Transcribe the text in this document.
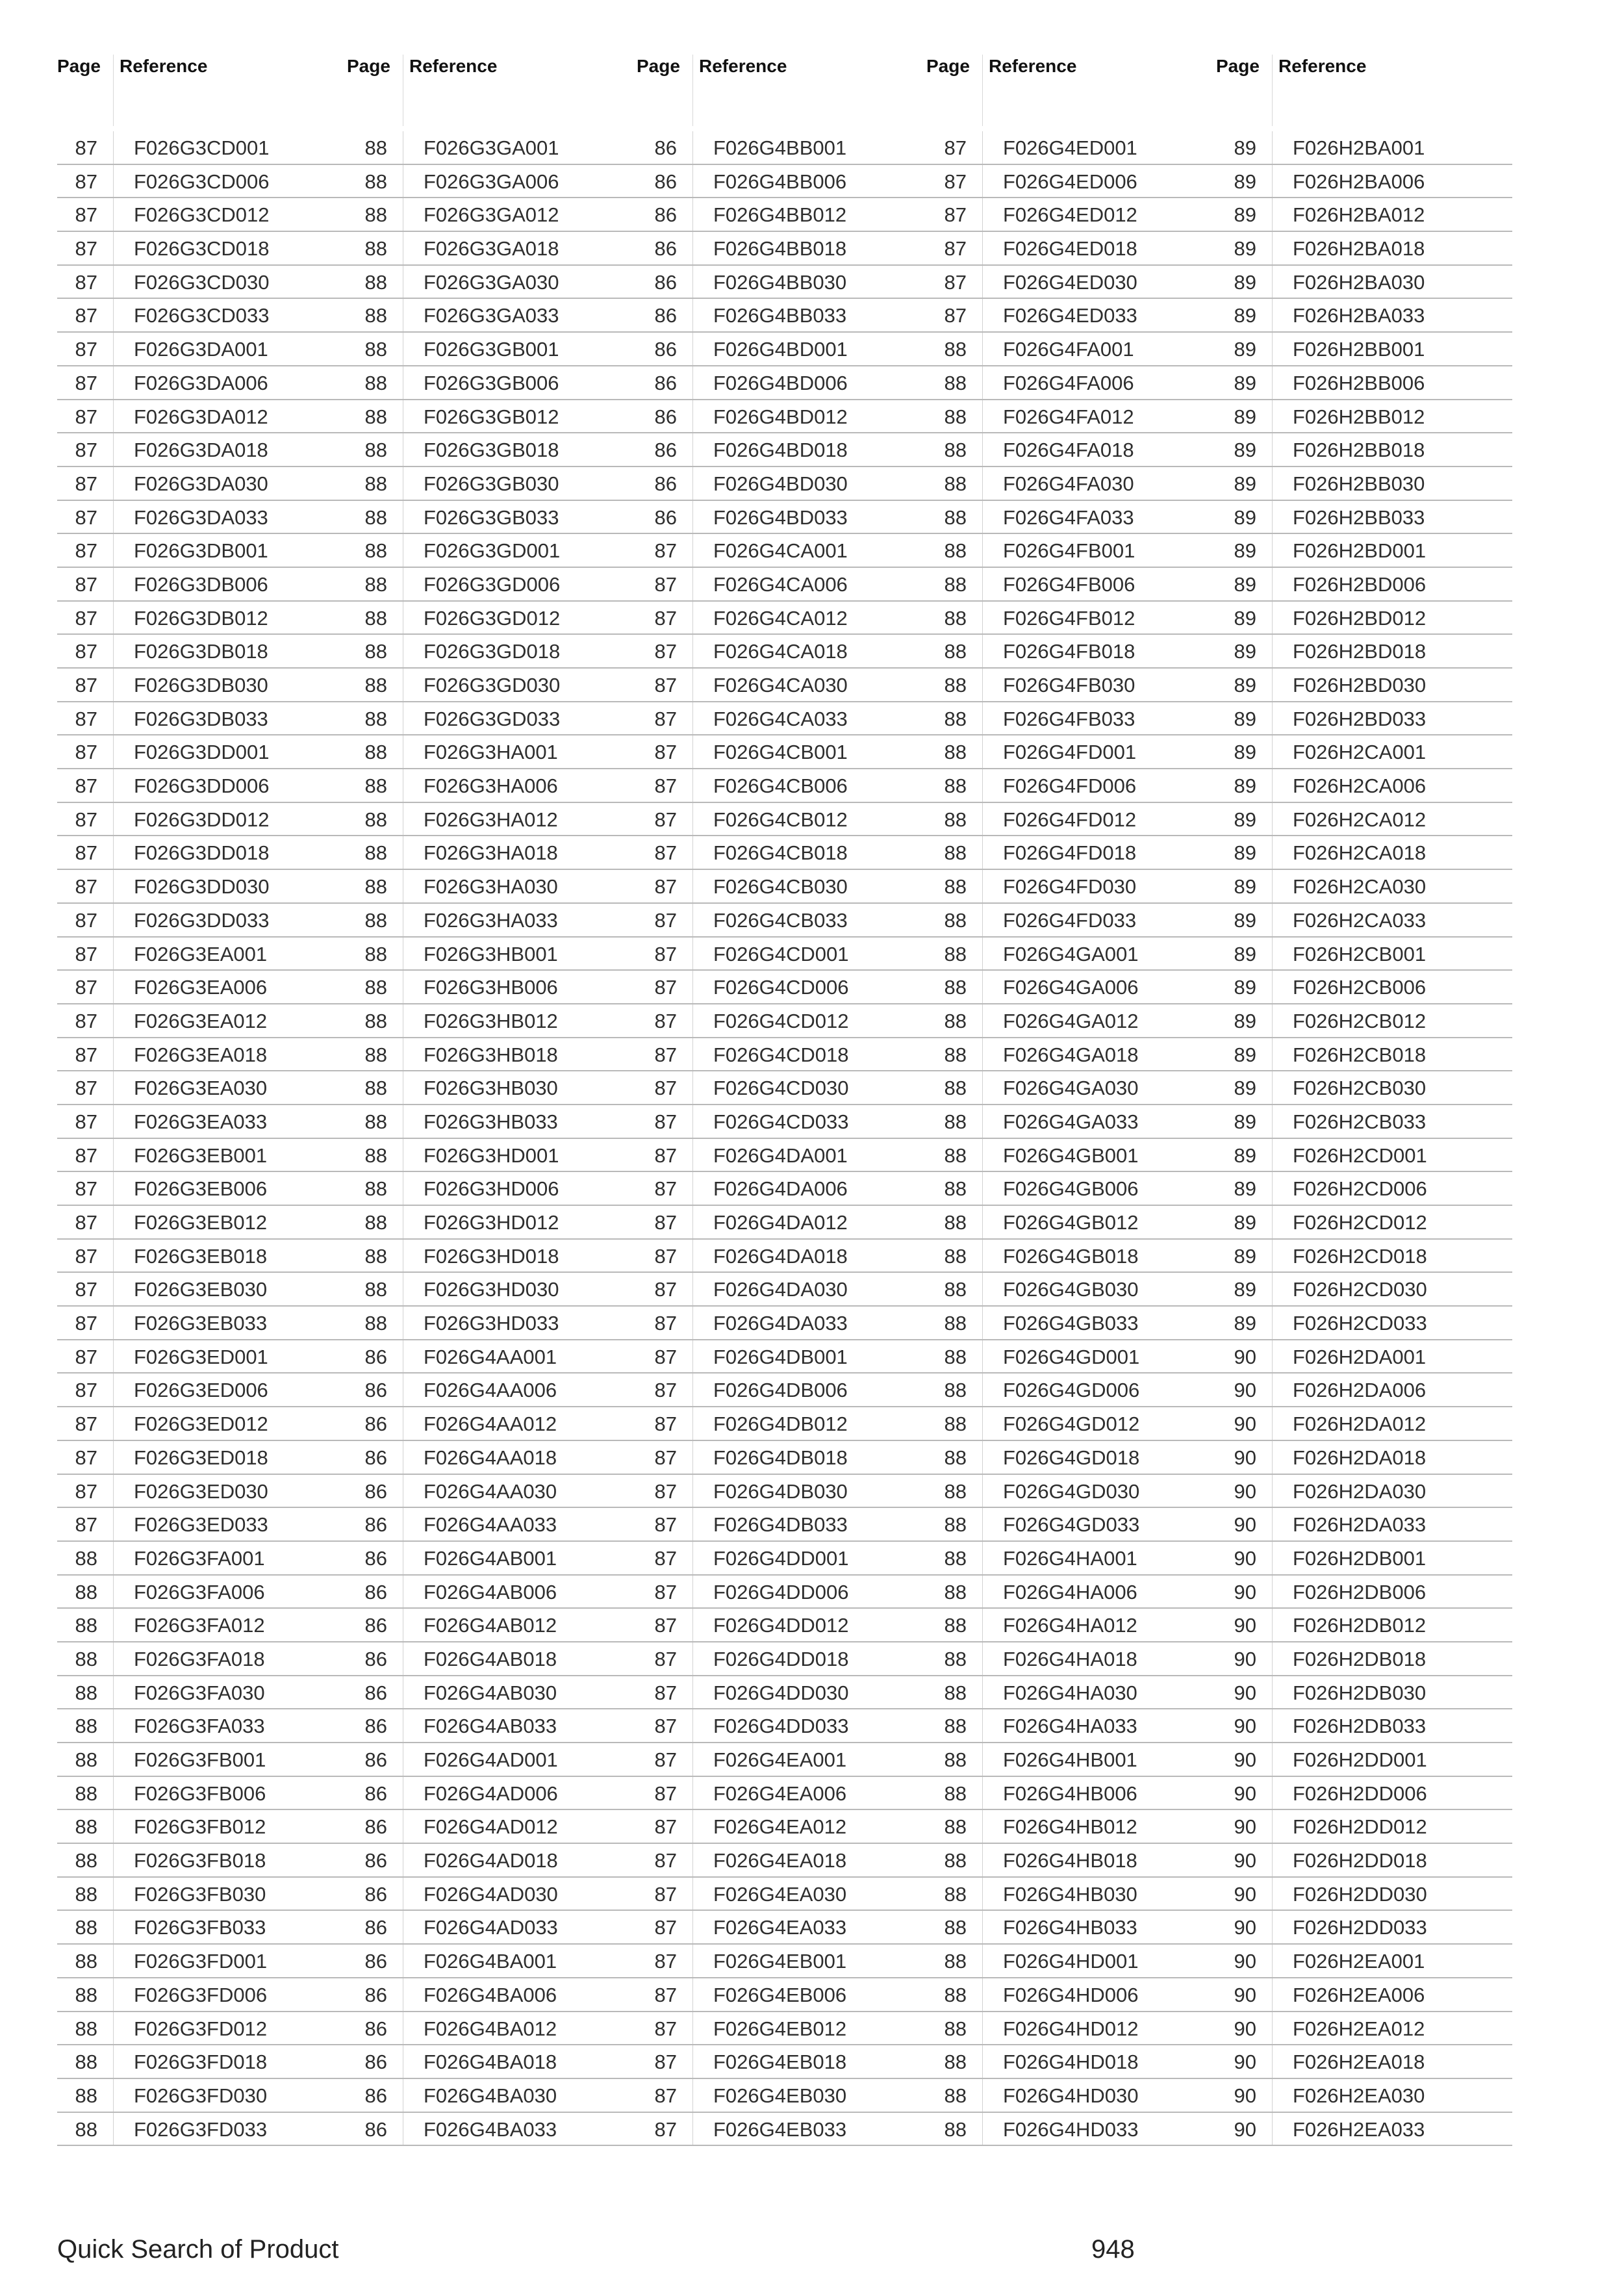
Page Reference	Page Reference	Page Reference	Page Reference	Page Reference
87 F026G3CD001	88 F026G3GA001	86 F026G4BB001	87 F026G4ED001	89 F026H2BA001
87 F026G3CD006	88 F026G3GA006	86 F026G4BB006	87 F026G4ED006	89 F026H2BA006
87 F026G3CD012	88 F026G3GA012	86 F026G4BB012	87 F026G4ED012	89 F026H2BA012
87 F026G3CD018	88 F026G3GA018	86 F026G4BB018	87 F026G4ED018	89 F026H2BA018
87 F026G3CD030	88 F026G3GA030	86 F026G4BB030	87 F026G4ED030	89 F026H2BA030
87 F026G3CD033	88 F026G3GA033	86 F026G4BB033	87 F026G4ED033	89 F026H2BA033
87 F026G3DA001	88 F026G3GB001	86 F026G4BD001	88 F026G4FA001	89 F026H2BB001
87 F026G3DA006	88 F026G3GB006	86 F026G4BD006	88 F026G4FA006	89 F026H2BB006
87 F026G3DA012	88 F026G3GB012	86 F026G4BD012	88 F026G4FA012	89 F026H2BB012
87 F026G3DA018	88 F026G3GB018	86 F026G4BD018	88 F026G4FA018	89 F026H2BB018
87 F026G3DA030	88 F026G3GB030	86 F026G4BD030	88 F026G4FA030	89 F026H2BB030
87 F026G3DA033	88 F026G3GB033	86 F026G4BD033	88 F026G4FA033	89 F026H2BB033
87 F026G3DB001	88 F026G3GD001	87 F026G4CA001	88 F026G4FB001	89 F026H2BD001
87 F026G3DB006	88 F026G3GD006	87 F026G4CA006	88 F026G4FB006	89 F026H2BD006
87 F026G3DB012	88 F026G3GD012	87 F026G4CA012	88 F026G4FB012	89 F026H2BD012
87 F026G3DB018	88 F026G3GD018	87 F026G4CA018	88 F026G4FB018	89 F026H2BD018
87 F026G3DB030	88 F026G3GD030	87 F026G4CA030	88 F026G4FB030	89 F026H2BD030
87 F026G3DB033	88 F026G3GD033	87 F026G4CA033	88 F026G4FB033	89 F026H2BD033
87 F026G3DD001	88 F026G3HA001	87 F026G4CB001	88 F026G4FD001	89 F026H2CA001
87 F026G3DD006	88 F026G3HA006	87 F026G4CB006	88 F026G4FD006	89 F026H2CA006
87 F026G3DD012	88 F026G3HA012	87 F026G4CB012	88 F026G4FD012	89 F026H2CA012
87 F026G3DD018	88 F026G3HA018	87 F026G4CB018	88 F026G4FD018	89 F026H2CA018
87 F026G3DD030	88 F026G3HA030	87 F026G4CB030	88 F026G4FD030	89 F026H2CA030
87 F026G3DD033	88 F026G3HA033	87 F026G4CB033	88 F026G4FD033	89 F026H2CA033
87 F026G3EA001	88 F026G3HB001	87 F026G4CD001	88 F026G4GA001	89 F026H2CB001
87 F026G3EA006	88 F026G3HB006	87 F026G4CD006	88 F026G4GA006	89 F026H2CB006
87 F026G3EA012	88 F026G3HB012	87 F026G4CD012	88 F026G4GA012	89 F026H2CB012
87 F026G3EA018	88 F026G3HB018	87 F026G4CD018	88 F026G4GA018	89 F026H2CB018
87 F026G3EA030	88 F026G3HB030	87 F026G4CD030	88 F026G4GA030	89 F026H2CB030
87 F026G3EA033	88 F026G3HB033	87 F026G4CD033	88 F026G4GA033	89 F026H2CB033
87 F026G3EB001	88 F026G3HD001	87 F026G4DA001	88 F026G4GB001	89 F026H2CD001
87 F026G3EB006	88 F026G3HD006	87 F026G4DA006	88 F026G4GB006	89 F026H2CD006
87 F026G3EB012	88 F026G3HD012	87 F026G4DA012	88 F026G4GB012	89 F026H2CD012
87 F026G3EB018	88 F026G3HD018	87 F026G4DA018	88 F026G4GB018	89 F026H2CD018
87 F026G3EB030	88 F026G3HD030	87 F026G4DA030	88 F026G4GB030	89 F026H2CD030
87 F026G3EB033	88 F026G3HD033	87 F026G4DA033	88 F026G4GB033	89 F026H2CD033
87 F026G3ED001	86 F026G4AA001	87 F026G4DB001	88 F026G4GD001	90 F026H2DA001
87 F026G3ED006	86 F026G4AA006	87 F026G4DB006	88 F026G4GD006	90 F026H2DA006
87 F026G3ED012	86 F026G4AA012	87 F026G4DB012	88 F026G4GD012	90 F026H2DA012
87 F026G3ED018	86 F026G4AA018	87 F026G4DB018	88 F026G4GD018	90 F026H2DA018
87 F026G3ED030	86 F026G4AA030	87 F026G4DB030	88 F026G4GD030	90 F026H2DA030
87 F026G3ED033	86 F026G4AA033	87 F026G4DB033	88 F026G4GD033	90 F026H2DA033
88 F026G3FA001	86 F026G4AB001	87 F026G4DD001	88 F026G4HA001	90 F026H2DB001
88 F026G3FA006	86 F026G4AB006	87 F026G4DD006	88 F026G4HA006	90 F026H2DB006
88 F026G3FA012	86 F026G4AB012	87 F026G4DD012	88 F026G4HA012	90 F026H2DB012
88 F026G3FA018	86 F026G4AB018	87 F026G4DD018	88 F026G4HA018	90 F026H2DB018
88 F026G3FA030	86 F026G4AB030	87 F026G4DD030	88 F026G4HA030	90 F026H2DB030
88 F026G3FA033	86 F026G4AB033	87 F026G4DD033	88 F026G4HA033	90 F026H2DB033
88 F026G3FB001	86 F026G4AD001	87 F026G4EA001	88 F026G4HB001	90 F026H2DD001
88 F026G3FB006	86 F026G4AD006	87 F026G4EA006	88 F026G4HB006	90 F026H2DD006
88 F026G3FB012	86 F026G4AD012	87 F026G4EA012	88 F026G4HB012	90 F026H2DD012
88 F026G3FB018	86 F026G4AD018	87 F026G4EA018	88 F026G4HB018	90 F026H2DD018
88 F026G3FB030	86 F026G4AD030	87 F026G4EA030	88 F026G4HB030	90 F026H2DD030
88 F026G3FB033	86 F026G4AD033	87 F026G4EA033	88 F026G4HB033	90 F026H2DD033
88 F026G3FD001	86 F026G4BA001	87 F026G4EB001	88 F026G4HD001	90 F026H2EA001
88 F026G3FD006	86 F026G4BA006	87 F026G4EB006	88 F026G4HD006	90 F026H2EA006
88 F026G3FD012	86 F026G4BA012	87 F026G4EB012	88 F026G4HD012	90 F026H2EA012
88 F026G3FD018	86 F026G4BA018	87 F026G4EB018	88 F026G4HD018	90 F026H2EA018
88 F026G3FD030	86 F026G4BA030	87 F026G4EB030	88 F026G4HD030	90 F026H2EA030
88 F026G3FD033	86 F026G4BA033	87 F026G4EB033	88 F026G4HD033	90 F026H2EA033
Quick Search of Product	948
